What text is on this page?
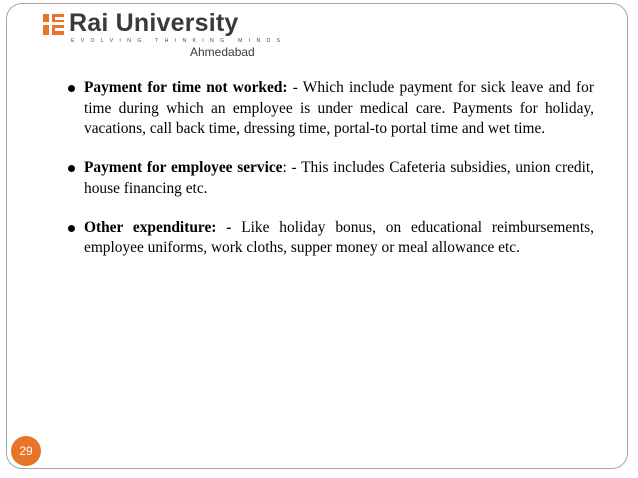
Rai University
EVOLVING THINKING MINDS
Ahmedabad
Payment for time not worked: - Which include payment for sick leave and for time during which an employee is under medical care. Payments for holiday, vacations, call back time, dressing time, portal-to portal time and wet time.
Payment for employee service: - This includes Cafeteria subsidies, union credit, house financing etc.
Other expenditure: - Like holiday bonus, on educational reimbursements, employee uniforms, work cloths, supper money or meal allowance etc.
29
